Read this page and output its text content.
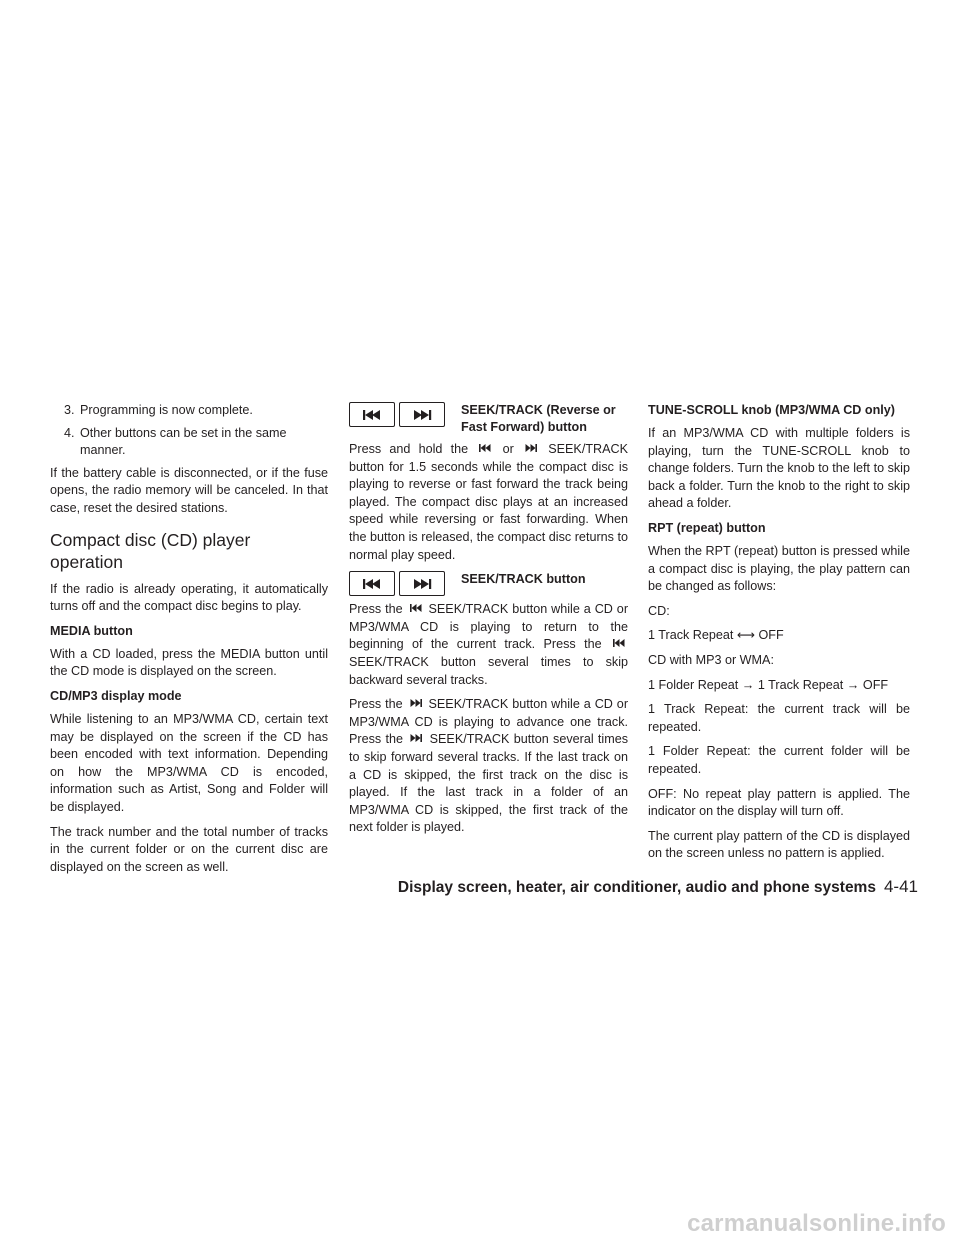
3. Programming is now complete.
4. Other buttons can be set in the same manner.

If the battery cable is disconnected, or if the fuse opens, the radio memory will be canceled. In that case, reset the desired stations.

Compact disc (CD) player operation

If the radio is already operating, it automatically turns off and the compact disc begins to play.

MEDIA button

With a CD loaded, press the MEDIA button until the CD mode is displayed on the screen.

CD/MP3 display mode

While listening to an MP3/WMA CD, certain text may be displayed on the screen if the CD has been encoded with text information. Depending on how the MP3/WMA CD is encoded, information such as Artist, Song and Folder will be displayed.

The track number and the total number of tracks in the current folder or on the current disc are displayed on the screen as well.

SEEK/TRACK (Reverse or Fast Forward) button

Press and hold the	or	SEEK/TRACK button for 1.5 seconds while the compact disc is playing to reverse or fast forward the track being played. The compact disc plays at an increased speed while reversing or fast forwarding. When the button is released, the compact disc returns to normal play speed.

SEEK/TRACK button

Press the SEEK/TRACK button while a CD or MP3/WMA CD is playing to return to the beginning of the current track. Press the
SEEK/TRACK button several times to skip backward several tracks.

Press the SEEK/TRACK button while a CD or MP3/WMA CD is playing to advance one track. Press the SEEK/TRACK button several times to skip forward several tracks. If the last track on a CD is skipped, the first track on the disc is played. If the last track in a folder of an MP3/WMA CD is skipped, the first track of the next folder is played.

TUNE-SCROLL knob (MP3/WMA CD only)

If an MP3/WMA CD with multiple folders is playing, turn the TUNE-SCROLL knob to change folders. Turn the knob to the left to skip back a folder. Turn the knob to the right to skip ahead a folder.

RPT (repeat) button

When the RPT (repeat) button is pressed while a compact disc is playing, the play pattern can be changed as follows:

CD:

1 Track Repeat ⟷ OFF

CD with MP3 or WMA:

1 Folder Repeat → 1 Track Repeat → OFF

1 Track Repeat: the current track will be repeated.

1 Folder Repeat: the current folder will be repeated.

OFF: No repeat play pattern is applied. The indicator on the display will turn off.

The current play pattern of the CD is displayed on the screen unless no pattern is applied.

Display screen, heater, air conditioner, audio and phone systems 4-41
carmanualsonline.info
